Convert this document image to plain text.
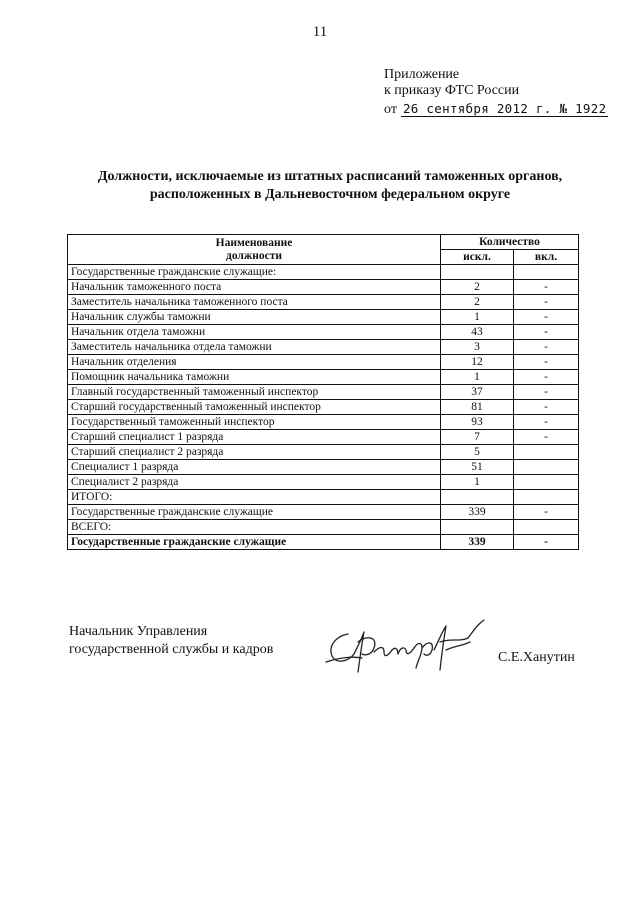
11
Приложение
к приказу ФТС России
от 26 сентября 2012 г. № 1922
Должности, исключаемые из штатных расписаний таможенных органов,
расположенных в Дальневосточном федеральном округе
Наименование
должности	Количество	
	искл.	вкл.
Государственные гражданские служащие:		
Начальник таможенного поста	2	-
Заместитель начальника таможенного поста	2	-
Начальник службы таможни	1	-
Начальник отдела таможни	43	-
Заместитель начальника отдела таможни	3	-
Начальник отделения	12	-
Помощник начальника таможни	1	-
Главный государственный таможенный инспектор	37	-
Старший государственный таможенный инспектор	81	-
Государственный таможенный инспектор	93	-
Старший специалист 1 разряда	7	-
Старший специалист 2 разряда	5	
Специалист 1 разряда	51	
Специалист 2 разряда	1	
ИТОГО:		
Государственные гражданские служащие	339	-
ВСЕГО:		
Государственные гражданские служащие	339	-
Начальник Управления
государственной службы и кадров
С.Е.Ханутин
